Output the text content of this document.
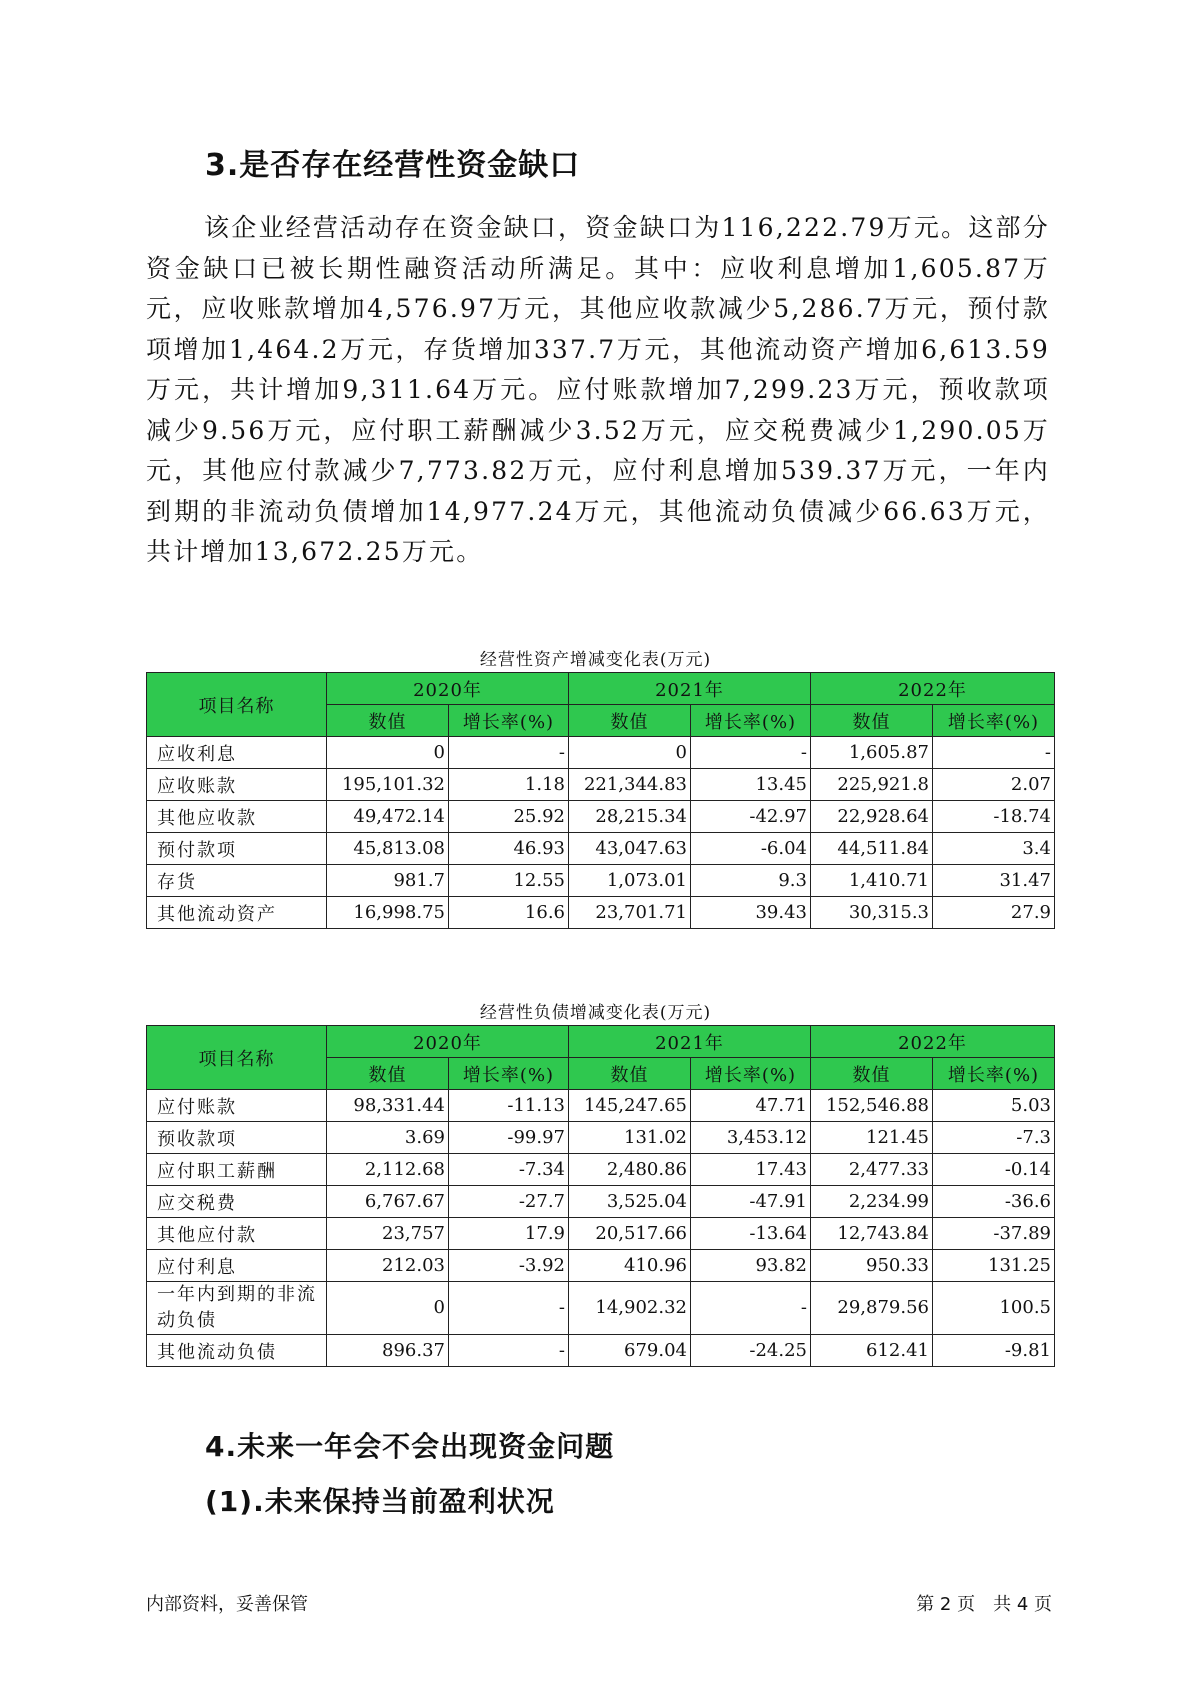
3.是否存在经营性资金缺口

该企业经营活动存在资金缺口，资金缺口为116,222.79万元。这部分资金缺口已被长期性融资活动所满足。其中：应收利息增加1,605.87万元，应收账款增加4,576.97万元，其他应收款减少5,286.7万元，预付款项增加1,464.2万元，存货增加337.7万元，其他流动资产增加6,613.59万元，共计增加9,311.64万元。应付账款增加7,299.23万元，预收款项减少9.56万元，应付职工薪酬减少3.52万元，应交税费减少1,290.05万元，其他应付款减少7,773.82万元，应付利息增加539.37万元，一年内到期的非流动负债增加14,977.24万元，其他流动负债减少66.63万元，共计增加13,672.25万元。

经营性资产增减变化表(万元)
项目名称	2020年		2021年		2022年	
	数值	增长率(%)	数值	增长率(%)	数值	增长率(%)
应收利息	0	-	0	-	1,605.87	-
应收账款	195,101.32	1.18	221,344.83	13.45	225,921.8	2.07
其他应收款	49,472.14	25.92	28,215.34	-42.97	22,928.64	-18.74
预付款项	45,813.08	46.93	43,047.63	-6.04	44,511.84	3.4
存货	981.7	12.55	1,073.01	9.3	1,410.71	31.47
其他流动资产	16,998.75	16.6	23,701.71	39.43	30,315.3	27.9
经营性负债增减变化表(万元)
项目名称	2020年		2021年		2022年	
	数值	增长率(%)	数值	增长率(%)	数值	增长率(%)
应付账款	98,331.44	-11.13	145,247.65	47.71	152,546.88	5.03
预收款项	3.69	-99.97	131.02	3,453.12	121.45	-7.3
应付职工薪酬	2,112.68	-7.34	2,480.86	17.43	2,477.33	-0.14
应交税费	6,767.67	-27.7	3,525.04	-47.91	2,234.99	-36.6
其他应付款	23,757	17.9	20,517.66	-13.64	12,743.84	-37.89
应付利息	212.03	-3.92	410.96	93.82	950.33	131.25
一年内到期的非流动负债	0	-	14,902.32	-	29,879.56	100.5
其他流动负债	896.37	-	679.04	-24.25	612.41	-9.81
4.未来一年会不会出现资金问题
(1).未来保持当前盈利状况
内部资料，妥善保管	第 2 页　共 4 页
